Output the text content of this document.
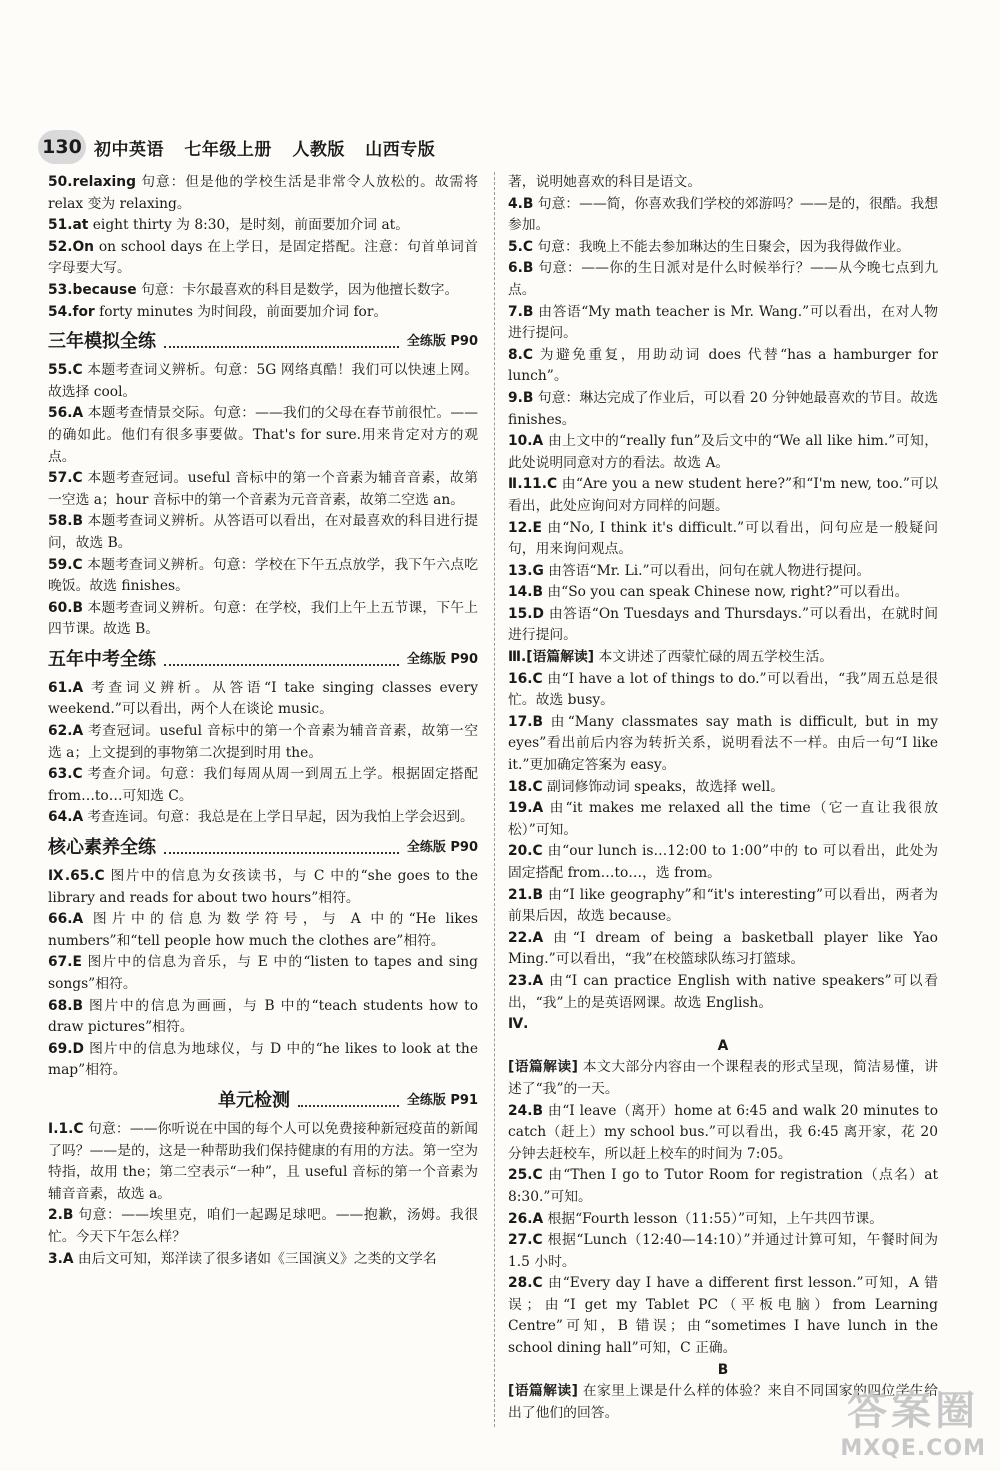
130 初中英语 七年级上册 人教版 山西专版

50.relaxing 句意：但是他的学校生活是非常令人放松的。故需将 relax 变为 relaxing。

51.at eight thirty 为 8:30，是时刻，前面要加介词 at。

52.On on school days 在上学日，是固定搭配。注意：句首单词首字母要大写。

53.because 句意：卡尔最喜欢的科目是数学，因为他擅长数字。

54.for forty minutes 为时间段，前面要加介词 for。

三年模拟全练	全练版 P90

55.C 本题考查词义辨析。句意：5G 网络真酷！我们可以快速上网。故选择 cool。

56.A 本题考查情景交际。句意：——我们的父母在春节前很忙。——的确如此。他们有很多事要做。That's for sure.用来肯定对方的观点。

57.C 本题考查冠词。useful 音标中的第一个音素为辅音音素，故第一空选 a；hour 音标中的第一个音素为元音音素，故第二空选 an。

58.B 本题考查词义辨析。从答语可以看出，在对最喜欢的科目进行提问，故选 B。

59.C 本题考查词义辨析。句意：学校在下午五点放学，我下午六点吃晚饭。故选 finishes。

60.B 本题考查词义辨析。句意：在学校，我们上午上五节课，下午上四节课。故选 B。

五年中考全练	全练版 P90

61.A 考查词义辨析。从答语“I take singing classes every weekend.”可以看出，两个人在谈论 music。

62.A 考查冠词。useful 音标中的第一个音素为辅音音素，故第一空选 a；上文提到的事物第二次提到时用 the。

63.C 考查介词。句意：我们每周从周一到周五上学。根据固定搭配 from…to…可知选 C。

64.A 考查连词。句意：我总是在上学日早起，因为我怕上学会迟到。

核心素养全练	全练版 P90

Ⅸ.65.C 图片中的信息为女孩读书，与 C 中的“she goes to the library and reads for about two hours”相符。

66.A 图片中的信息为数学符号，与 A 中的“He likes numbers”和“tell people how much the clothes are”相符。

67.E 图片中的信息为音乐，与 E 中的“listen to tapes and sing songs”相符。

68.B 图片中的信息为画画，与 B 中的“teach students how to draw pictures”相符。

69.D 图片中的信息为地球仪，与 D 中的“he likes to look at the map”相符。

单元检测	全练版 P91

Ⅰ.1.C 句意：——你听说在中国的每个人可以免费接种新冠疫苗的新闻了吗？——是的，这是一种帮助我们保持健康的有用的方法。第一空为特指，故用 the；第二空表示“一种”，且 useful 音标的第一个音素为辅音音素，故选 a。

2.B 句意：——埃里克，咱们一起踢足球吧。——抱歉，汤姆。我很忙。今天下午怎么样？

3.A 由后文可知，郑洋读了很多诸如《三国演义》之类的文学名

著，说明她喜欢的科目是语文。

4.B 句意：——简，你喜欢我们学校的郊游吗？——是的，很酷。我想参加。

5.C 句意：我晚上不能去参加琳达的生日聚会，因为我得做作业。

6.B 句意：——你的生日派对是什么时候举行？——从今晚七点到九点。

7.B 由答语“My math teacher is Mr. Wang.”可以看出，在对人物进行提问。

8.C 为避免重复，用助动词 does 代替“has a hamburger for lunch”。

9.B 句意：琳达完成了作业后，可以看 20 分钟她最喜欢的节目。故选 finishes。

10.A 由上文中的“really fun”及后文中的“We all like him.”可知，此处说明同意对方的看法。故选 A。

Ⅱ.11.C 由“Are you a new student here?”和“I'm new, too.”可以看出，此处应询问对方同样的问题。

12.E 由“No, I think it's difficult.”可以看出，问句应是一般疑问句，用来询问观点。

13.G 由答语“Mr. Li.”可以看出，问句在就人物进行提问。

14.B 由“So you can speak Chinese now, right?”可以看出。

15.D 由答语“On Tuesdays and Thursdays.”可以看出，在就时间进行提问。

Ⅲ.[语篇解读] 本文讲述了西蒙忙碌的周五学校生活。

16.C 由“I have a lot of things to do.”可以看出，“我”周五总是很忙。故选 busy。

17.B 由“Many classmates say math is difficult, but in my eyes”看出前后内容为转折关系，说明看法不一样。由后一句“I like it.”更加确定答案为 easy。

18.C 副词修饰动词 speaks，故选择 well。

19.A 由“it makes me relaxed all the time（它一直让我很放松）”可知。

20.C 由“our lunch is…12:00 to 1:00”中的 to 可以看出，此处为固定搭配 from…to…，选 from。

21.B 由“I like geography”和“it's interesting”可以看出，两者为前果后因，故选 because。

22.A 由“I dream of being a basketball player like Yao Ming.”可以看出，“我”在校篮球队练习打篮球。

23.A 由“I can practice English with native speakers”可以看出，“我”上的是英语网课。故选 English。

Ⅳ.

A

[语篇解读] 本文大部分内容由一个课程表的形式呈现，简洁易懂，讲述了“我”的一天。

24.B 由“I leave（离开）home at 6:45 and walk 20 minutes to catch（赶上）my school bus.”可以看出，我 6:45 离开家，花 20 分钟去赶校车，所以赶上校车的时间为 7:05。

25.C 由“Then I go to Tutor Room for registration（点名）at 8:30.”可知。

26.A 根据“Fourth lesson（11:55）”可知，上午共四节课。

27.C 根据“Lunch（12:40—14:10）”并通过计算可知，午餐时间为 1.5 小时。

28.C 由“Every day I have a different first lesson.”可知，A 错误；由“I get my Tablet PC（平板电脑）from Learning Centre”可知，B 错误；由“sometimes I have lunch in the school dining hall”可知，C 正确。

B

[语篇解读] 在家里上课是什么样的体验？来自不同国家的四位学生给出了他们的回答。	答案圈
MXQE.COM
